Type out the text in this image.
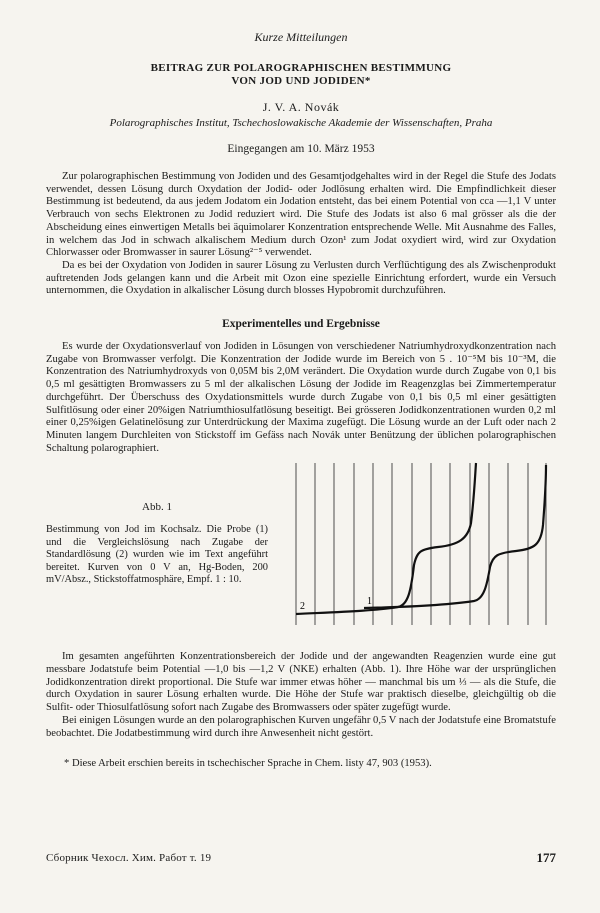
Kurze Mitteilungen

BEITRAG ZUR POLAROGRAPHISCHEN BESTIMMUNG

VON JOD UND JODIDEN*

J. V. A. Novák

Polarographisches Institut, Tschechoslowakische Akademie der Wissenschaften, Praha

Eingegangen am 10. März 1953

Zur polarographischen Bestimmung von Jodiden und des Gesamtjodgehaltes wird in der Regel die Stufe des Jodats verwendet, dessen Lösung durch Oxydation der Jodid- oder Jodlösung erhalten wird. Die Empfindlichkeit dieser Bestimmung ist bedeutend, da aus jedem Jodatom ein Jodation entsteht, das bei einem Potential von cca —1,1 V unter Verbrauch von sechs Elektronen zu Jodid reduziert wird. Die Stufe des Jodats ist also 6 mal grösser als die der Abscheidung eines einwertigen Metalls bei äquimolarer Konzentration entsprechende Welle. Mit Ausnahme des Falles, in welchem das Jod in schwach alkalischem Medium durch Ozon¹ zum Jodat oxydiert wird, wird zur Oxydation Chlorwasser oder Bromwasser in saurer Lösung²⁻⁵ verwendet.

Da es bei der Oxydation von Jodiden in saurer Lösung zu Verlusten durch Verflüchtigung des als Zwischenprodukt auftretenden Jods gelangen kann und die Arbeit mit Ozon eine spezielle Einrichtung erfordert, wurde ein Versuch unternommen, die Oxydation in alkalischer Lösung durch blosses Hypobromit durchzuführen.

Experimentelles und Ergebnisse

Es wurde der Oxydationsverlauf von Jodiden in Lösungen von verschiedener Natriumhydroxydkonzentration nach Zugabe von Bromwasser verfolgt. Die Konzentration der Jodide wurde im Bereich von 5 . 10⁻⁵M bis 10⁻³M, die Konzentration des Natriumhydroxyds von 0,05M bis 2,0M verändert. Die Oxydation wurde durch Zugabe von 0,1 bis 0,5 ml gesättigten Bromwassers zu 5 ml der alkalischen Lösung der Jodide im Reagenzglas bei Zimmertemperatur durchgeführt. Der Überschuss des Oxydationsmittels wurde durch Zugabe von 0,1 bis 0,5 ml einer gesättigten Sulfitlösung oder einer 20%igen Natriumthiosulfatlösung beseitigt. Bei grösseren Jodidkonzentrationen wurden 0,2 ml einer 0,25%igen Gelatinelösung zur Unterdrückung der Maxima zugefügt. Die Lösung wurde an der Luft oder nach 2 Minuten langem Durchleiten von Stickstoff im Gefäss nach Novák unter Benützung der üblichen polarographischen Schaltung polarographiert.

Abb. 1
Bestimmung von Jod im Kochsalz. Die Probe (1) und die Vergleichslösung nach Zugabe der Standardlösung (2) wurden wie im Text angeführt bereitet. Kurven von 0 V an, Hg-Boden, 200 mV/Absz., Stickstoffatmosphäre, Empf. 1 : 10.
2	1

Im gesamten angeführten Konzentrationsbereich der Jodide und der angewandten Reagenzien wurde eine gut messbare Jodatstufe beim Potential —1,0 bis —1,2 V (NKE) erhalten (Abb. 1). Ihre Höhe war der ursprünglichen Jodidkonzentration direkt proportional. Die Stufe war immer etwas höher — manchmal bis um ⅓ — als die Stufe, die durch Oxydation in saurer Lösung erhalten wurde. Die Höhe der Stufe war praktisch dieselbe, gleichgültig ob die Sulfit- oder Thiosulfatlösung sofort nach Zugabe des Bromwassers oder später zugefügt wurde.

Bei einigen Lösungen wurde an den polarographischen Kurven ungefähr 0,5 V nach der Jodatstufe eine Bromatstufe beobachtet. Die Jodatbestimmung wird durch ihre Anwesenheit nicht gestört.

* Diese Arbeit erschien bereits in tschechischer Sprache in Chem. listy 47, 903 (1953).

Сборник Чехосл. Хим. Работ т. 19	177
